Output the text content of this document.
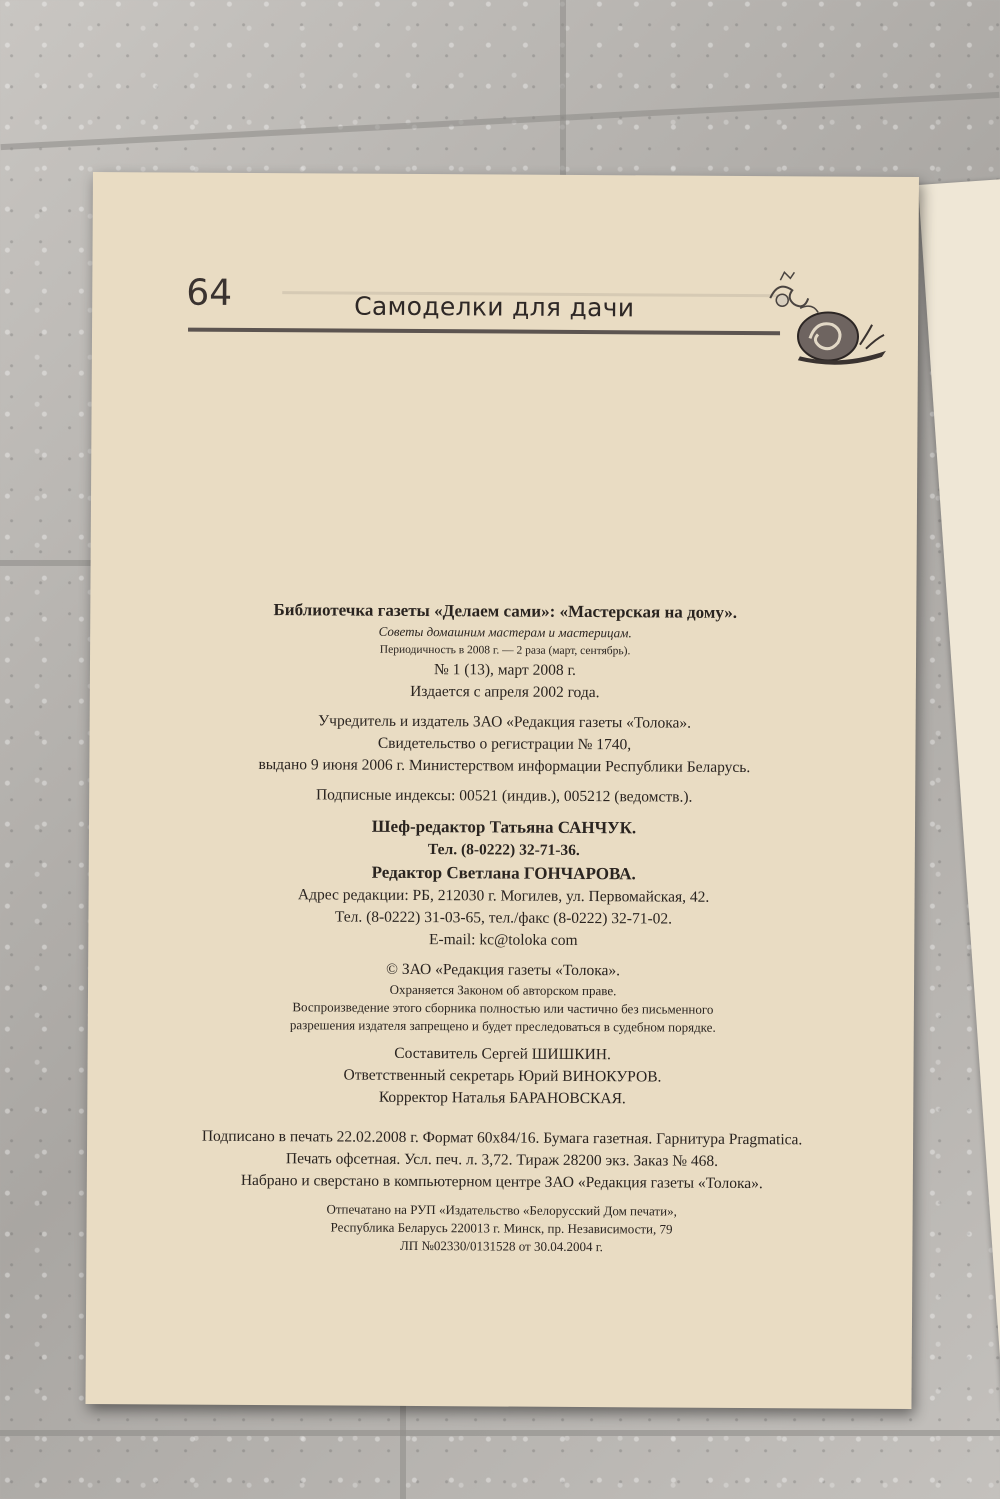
64	Самоделки для дачи

Библиотечка газеты «Делаем сами»: «Мастерская на дому».

Советы домашним мастерам и мастерицам.

Периодичность в 2008 г. — 2 раза (март, сентябрь).

№ 1 (13), март 2008 г.

Издается с апреля 2002 года.

Учредитель и издатель ЗАО «Редакция газеты «Толока».

Свидетельство о регистрации № 1740,

выдано 9 июня 2006 г. Министерством информации Республики Беларусь.

Подписные индексы: 00521 (индив.), 005212 (ведомств.).

Шеф-редактор Татьяна САНЧУК.

Тел. (8-0222) 32-71-36.

Редактор Светлана ГОНЧАРОВА.

Адрес редакции: РБ, 212030 г. Могилев, ул. Первомайская, 42.

Тел. (8-0222) 31-03-65, тел./факс (8-0222) 32-71-02.

E-mail: kc@toloka com

© ЗАО «Редакция газеты «Толока».

Охраняется Законом об авторском праве.

Воспроизведение этого сборника полностью или частично без письменного

разрешения издателя запрещено и будет преследоваться в судебном порядке.

Составитель Сергей ШИШКИН.

Ответственный секретарь Юрий ВИНОКУРОВ.

Корректор Наталья БАРАНОВСКАЯ.

Подписано в печать 22.02.2008 г. Формат 60х84/16. Бумага газетная. Гарнитура Pragmatica.

Печать офсетная. Усл. печ. л. 3,72. Тираж 28200 экз. Заказ № 468.

Набрано и сверстано в компьютерном центре ЗАО «Редакция газеты «Толока».

Отпечатано на РУП «Издательство «Белорусский Дом печати»,

Республика Беларусь 220013 г. Минск, пр. Независимости, 79

ЛП №02330/0131528 от 30.04.2004 г.
